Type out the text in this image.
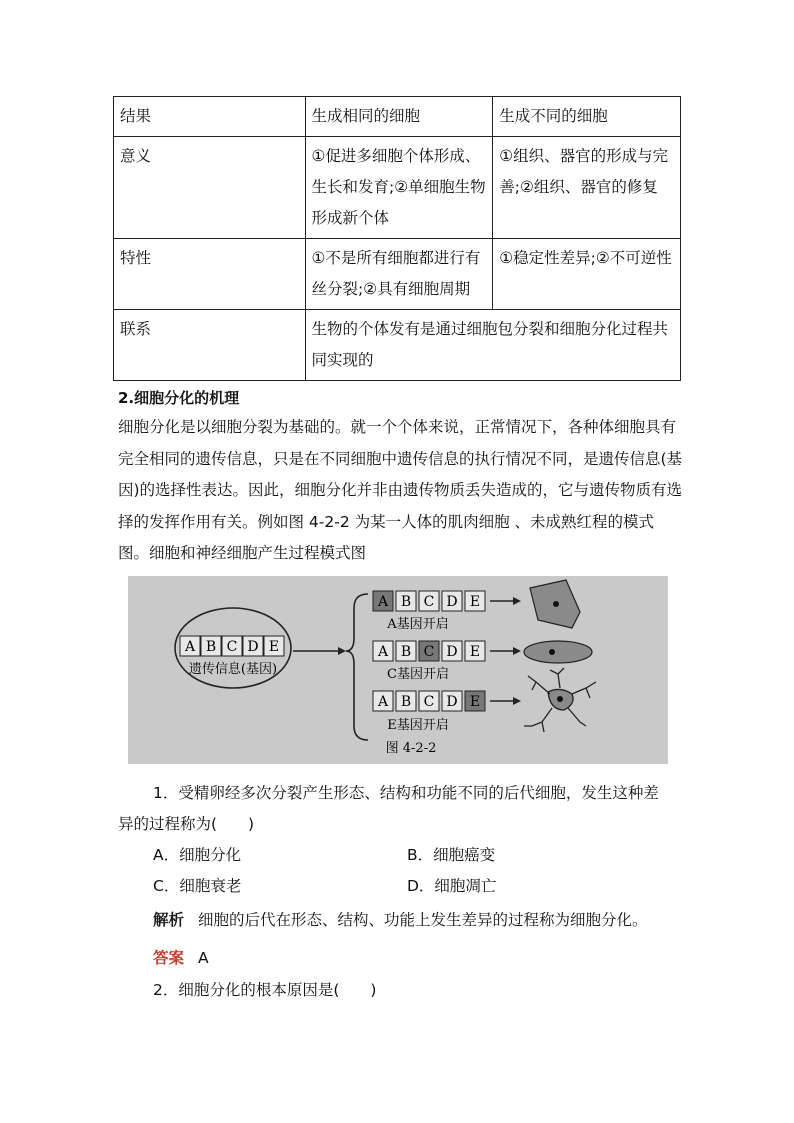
结果	生成相同的细胞	生成不同的细胞
意义	①促进多细胞个体形成、生长和发育;②单细胞生物形成新个体	①组织、器官的形成与完善;②组织、器官的修复
特性	①不是所有细胞都进行有丝分裂;②具有细胞周期	①稳定性差异;②不可逆性
联系	生物的个体发有是通过细胞包分裂和细胞分化过程共同实现的	
2.细胞分化的机理
细胞分化是以细胞分裂为基础的。就一个个体来说，正常情况下，各种体细胞具有完全相同的遗传信息，只是在不同细胞中遗传信息的执行情况不同，是遗传信息(基因)的选择性表达。因此，细胞分化并非由遗传物质丢失造成的，它与遗传物质有选择的发挥作用有关。例如图 4-2-2 为某一人体的肌肉细胞 、未成熟红程的模式图。细胞和神经细胞产生过程模式图
A B C D E
遗传信息(基因)
A B C D E
A基因开启
A B C D E
C基因开启
A B C D E
E基因开启
图 4-2-2
1．受精卵经多次分裂产生形态、结构和功能不同的后代细胞，发生这种差
异的过程称为(　　)
A．细胞分化	B．细胞癌变
C．细胞衰老	D．细胞凋亡
解析 细胞的后代在形态、结构、功能上发生差异的过程称为细胞分化。
答案 A
2．细胞分化的根本原因是(　　)
